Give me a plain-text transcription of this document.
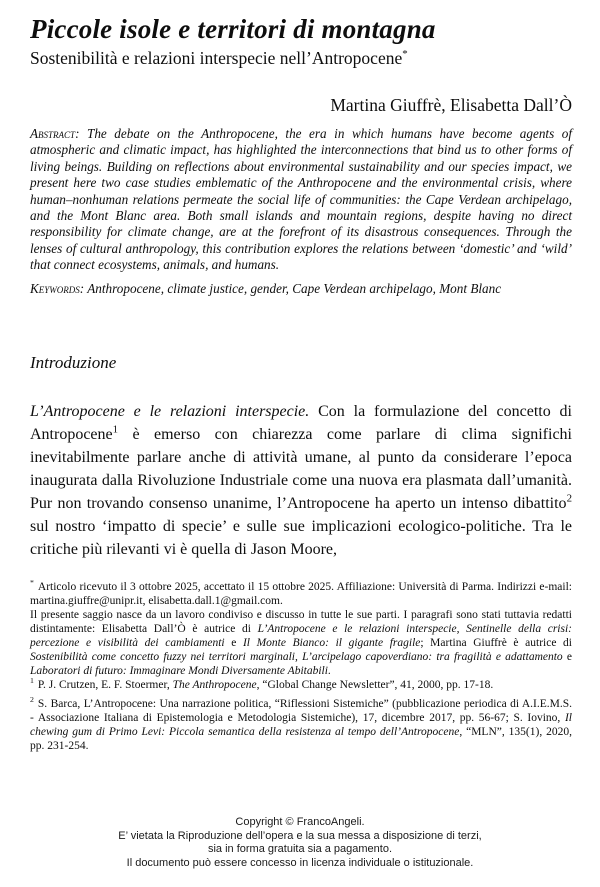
Piccole isole e territori di montagna
Sostenibilità e relazioni interspecie nell’Antropocene*
Martina Giuffrè, Elisabetta Dall’Ò

Abstract: The debate on the Anthropocene, the era in which humans have become agents of atmospheric and climatic impact, has highlighted the interconnections that bind us to other forms of living beings. Building on reflections about environmental sustainability and our species impact, we present here two case studies emblematic of the Anthropocene and the environmental crisis, where human–nonhuman relations permeate the social life of communities: the Cape Verdean archipelago, and the Mont Blanc area. Both small islands and mountain regions, despite having no direct responsibility for climate change, are at the forefront of its disastrous consequences. Through the lenses of cultural anthropology, this contribution explores the relations between ‘domestic’ and ‘wild’ that connect ecosystems, animals, and humans.

Keywords: Anthropocene, climate justice, gender, Cape Verdean archipelago, Mont Blanc

Introduzione

L’Antropocene e le relazioni interspecie. Con la formulazione del concetto di Antropocene$^1$ è emerso con chiarezza come parlare di clima significhi inevitabilmente parlare anche di attività umane, al punto da considerare l’epoca inaugurata dalla Rivoluzione Industriale come una nuova era plasmata dall’umanità. Pur non trovando consenso unanime, l’Antropocene ha aperto un intenso dibattito$^2$ sul nostro ‘impatto di specie’ e sulle sue implicazioni ecologico-politiche. Tra le critiche più rilevanti vi è quella di Jason Moore,

* Articolo ricevuto il 3 ottobre 2025, accettato il 15 ottobre 2025. Affiliazione: Università di Parma. Indirizzi e-mail: martina.giuffre@unipr.it, elisabetta.dall.1@gmail.com.

Il presente saggio nasce da un lavoro condiviso e discusso in tutte le sue parti. I paragrafi sono stati tuttavia redatti distintamente: Elisabetta Dall’Ò è autrice di L’Antropocene e le relazioni interspecie, Sentinelle della crisi: percezione e visibilità dei cambiamenti e Il Monte Bianco: il gigante fragile; Martina Giuffrè è autrice di Sostenibilità come concetto fuzzy nei territori marginali, L’arcipelago capoverdiano: tra fragilità e adattamento e Laboratori di futuro: Immaginare Mondi Diversamente Abitabili.

$^1$ P. J. Crutzen, E. F. Stoermer, The Anthropocene, “Global Change Newsletter”, 41, 2000, pp. 17-18.

$^2$ S. Barca, L’Antropocene: Una narrazione politica, “Riflessioni Sistemiche” (pubblicazione periodica di A.I.E.M.S. - Associazione Italiana di Epistemologia e Metodologia Sistemiche), 17, dicembre 2017, pp. 56-67; S. Iovino, Il chewing gum di Primo Levi: Piccola semantica della resistenza al tempo dell’Antropocene, “MLN”, 135(1), 2020, pp. 231-254.

Copyright © FrancoAngeli.
E’ vietata la Riproduzione dell’opera e la sua messa a disposizione di terzi,
sia in forma gratuita sia a pagamento.
Il documento può essere concesso in licenza individuale o istituzionale.
